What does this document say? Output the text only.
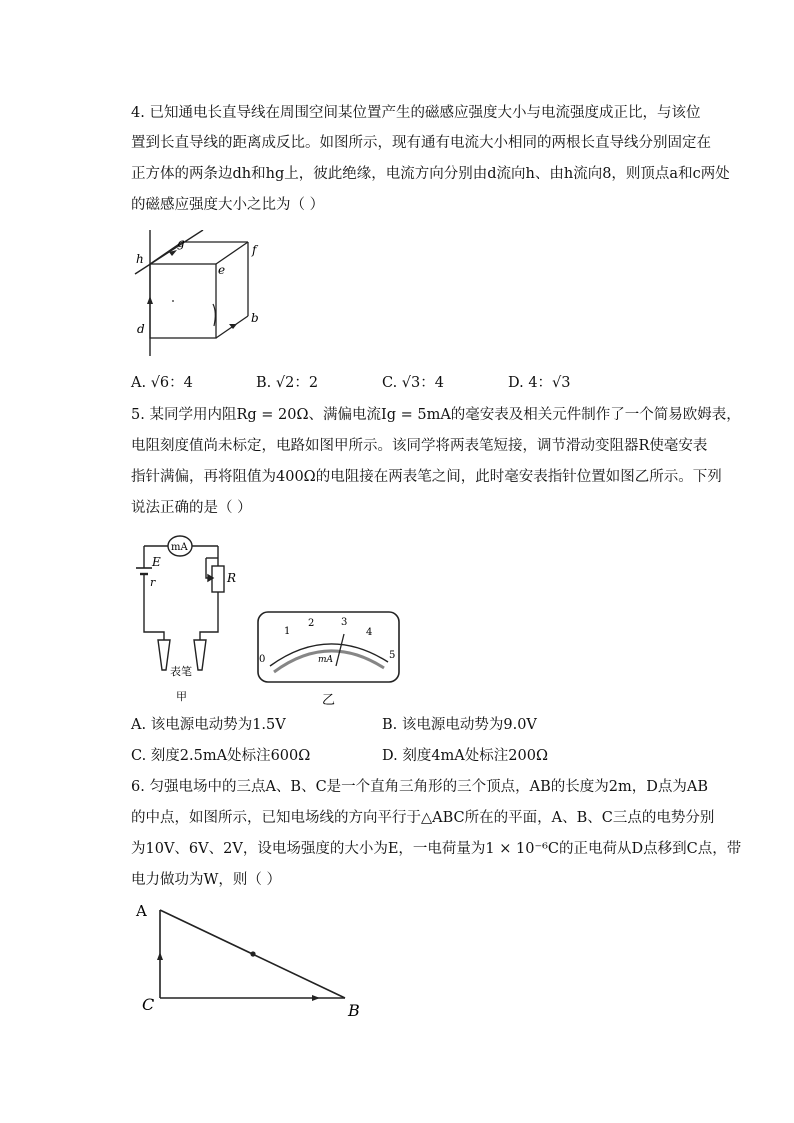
4. 已知通电长直导线在周围空间某位置产生的磁感应强度大小与电流强度成正比，与该位
置到长直导线的距离成反比。如图所示，现有通有电流大小相同的两根长直导线分别固定在
正方体的两条边dh和hg上，彼此绝缘，电流方向分别由d流向h、由h流向8，则顶点a和c两处
的磁感应强度大小之比为（ ）
g	f
h
e
d
b
A. √6：4	B. √2：2	C. √3：4	D. 4：√3
5. 某同学用内阻Rg = 20Ω、满偏电流Ig = 5mA的毫安表及相关元件制作了一个简易欧姆表，
电阻刻度值尚未标定，电路如图甲所示。该同学将两表笔短接，调节滑动变阻器R使毫安表
指针满偏，再将阻值为400Ω的电阻接在两表笔之间，此时毫安表指针位置如图乙所示。下列
说法正确的是（ ）
mA
E
r	R
表笔
甲
0
1
2	3
4
5
mA
乙
A. 该电源电动势为1.5V	B. 该电源电动势为9.0V
C. 刻度2.5mA处标注600Ω	D. 刻度4mA处标注200Ω
6. 匀强电场中的三点A、B、C是一个直角三角形的三个顶点，AB的长度为2m，D点为AB
的中点，如图所示，已知电场线的方向平行于△ABC所在的平面，A、B、C三点的电势分别
为10V、6V、2V，设电场强度的大小为E，一电荷量为1 × 10⁻⁶C的正电荷从D点移到C点，带
电力做功为W，则（ ）
A
B
C
